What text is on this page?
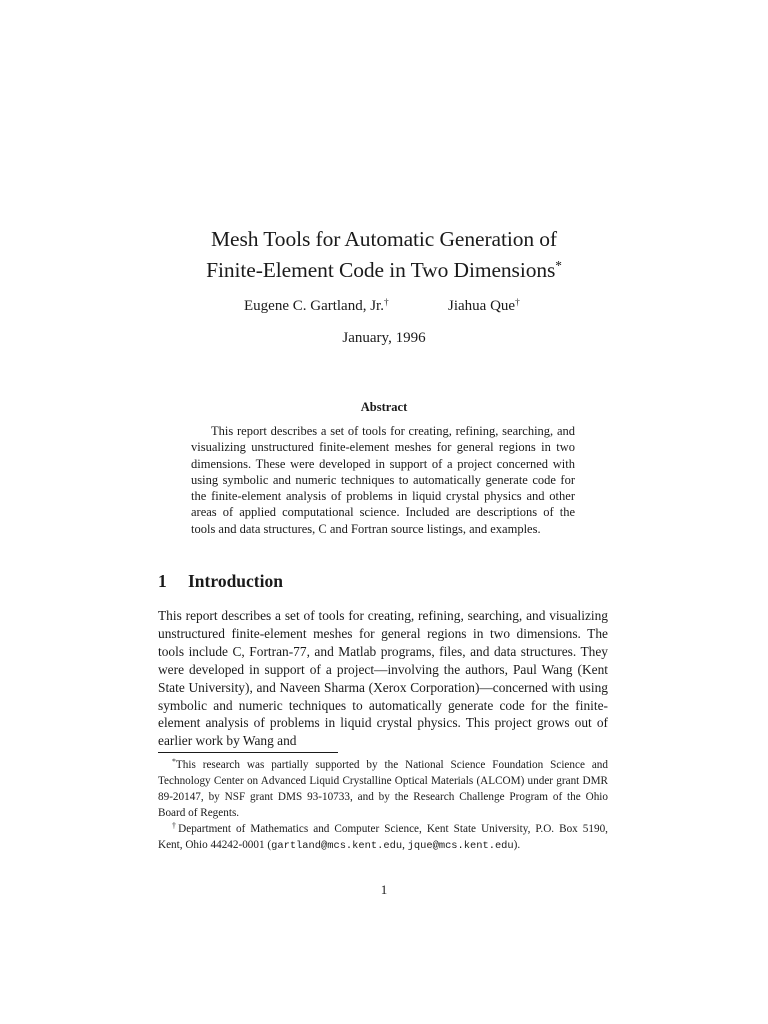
Mesh Tools for Automatic Generation of
Finite-Element Code in Two Dimensions*
Eugene C. Gartland, Jr.†	Jiahua Que†
January, 1996
Abstract

This report describes a set of tools for creating, refining, searching, and visualizing unstructured finite-element meshes for general regions in two dimensions. These were developed in support of a project concerned with using symbolic and numeric techniques to automatically generate code for the finite-element analysis of problems in liquid crystal physics and other areas of applied computational science. Included are descriptions of the tools and data structures, C and Fortran source listings, and examples.

1 Introduction

This report describes a set of tools for creating, refining, searching, and visualizing unstructured finite-element meshes for general regions in two dimensions. The tools include C, Fortran-77, and Matlab programs, files, and data structures. They were developed in support of a project—involving the authors, Paul Wang (Kent State University), and Naveen Sharma (Xerox Corporation)—concerned with using symbolic and numeric techniques to automatically generate code for the finite-element analysis of problems in liquid crystal physics. This project grows out of earlier work by Wang and

*This research was partially supported by the National Science Foundation Science and Technology Center on Advanced Liquid Crystalline Optical Materials (ALCOM) under grant DMR 89-20147, by NSF grant DMS 93-10733, and by the Research Challenge Program of the Ohio Board of Regents.

†Department of Mathematics and Computer Science, Kent State University, P.O. Box 5190, Kent, Ohio 44242-0001 (gartland@mcs.kent.edu, jque@mcs.kent.edu).

1
